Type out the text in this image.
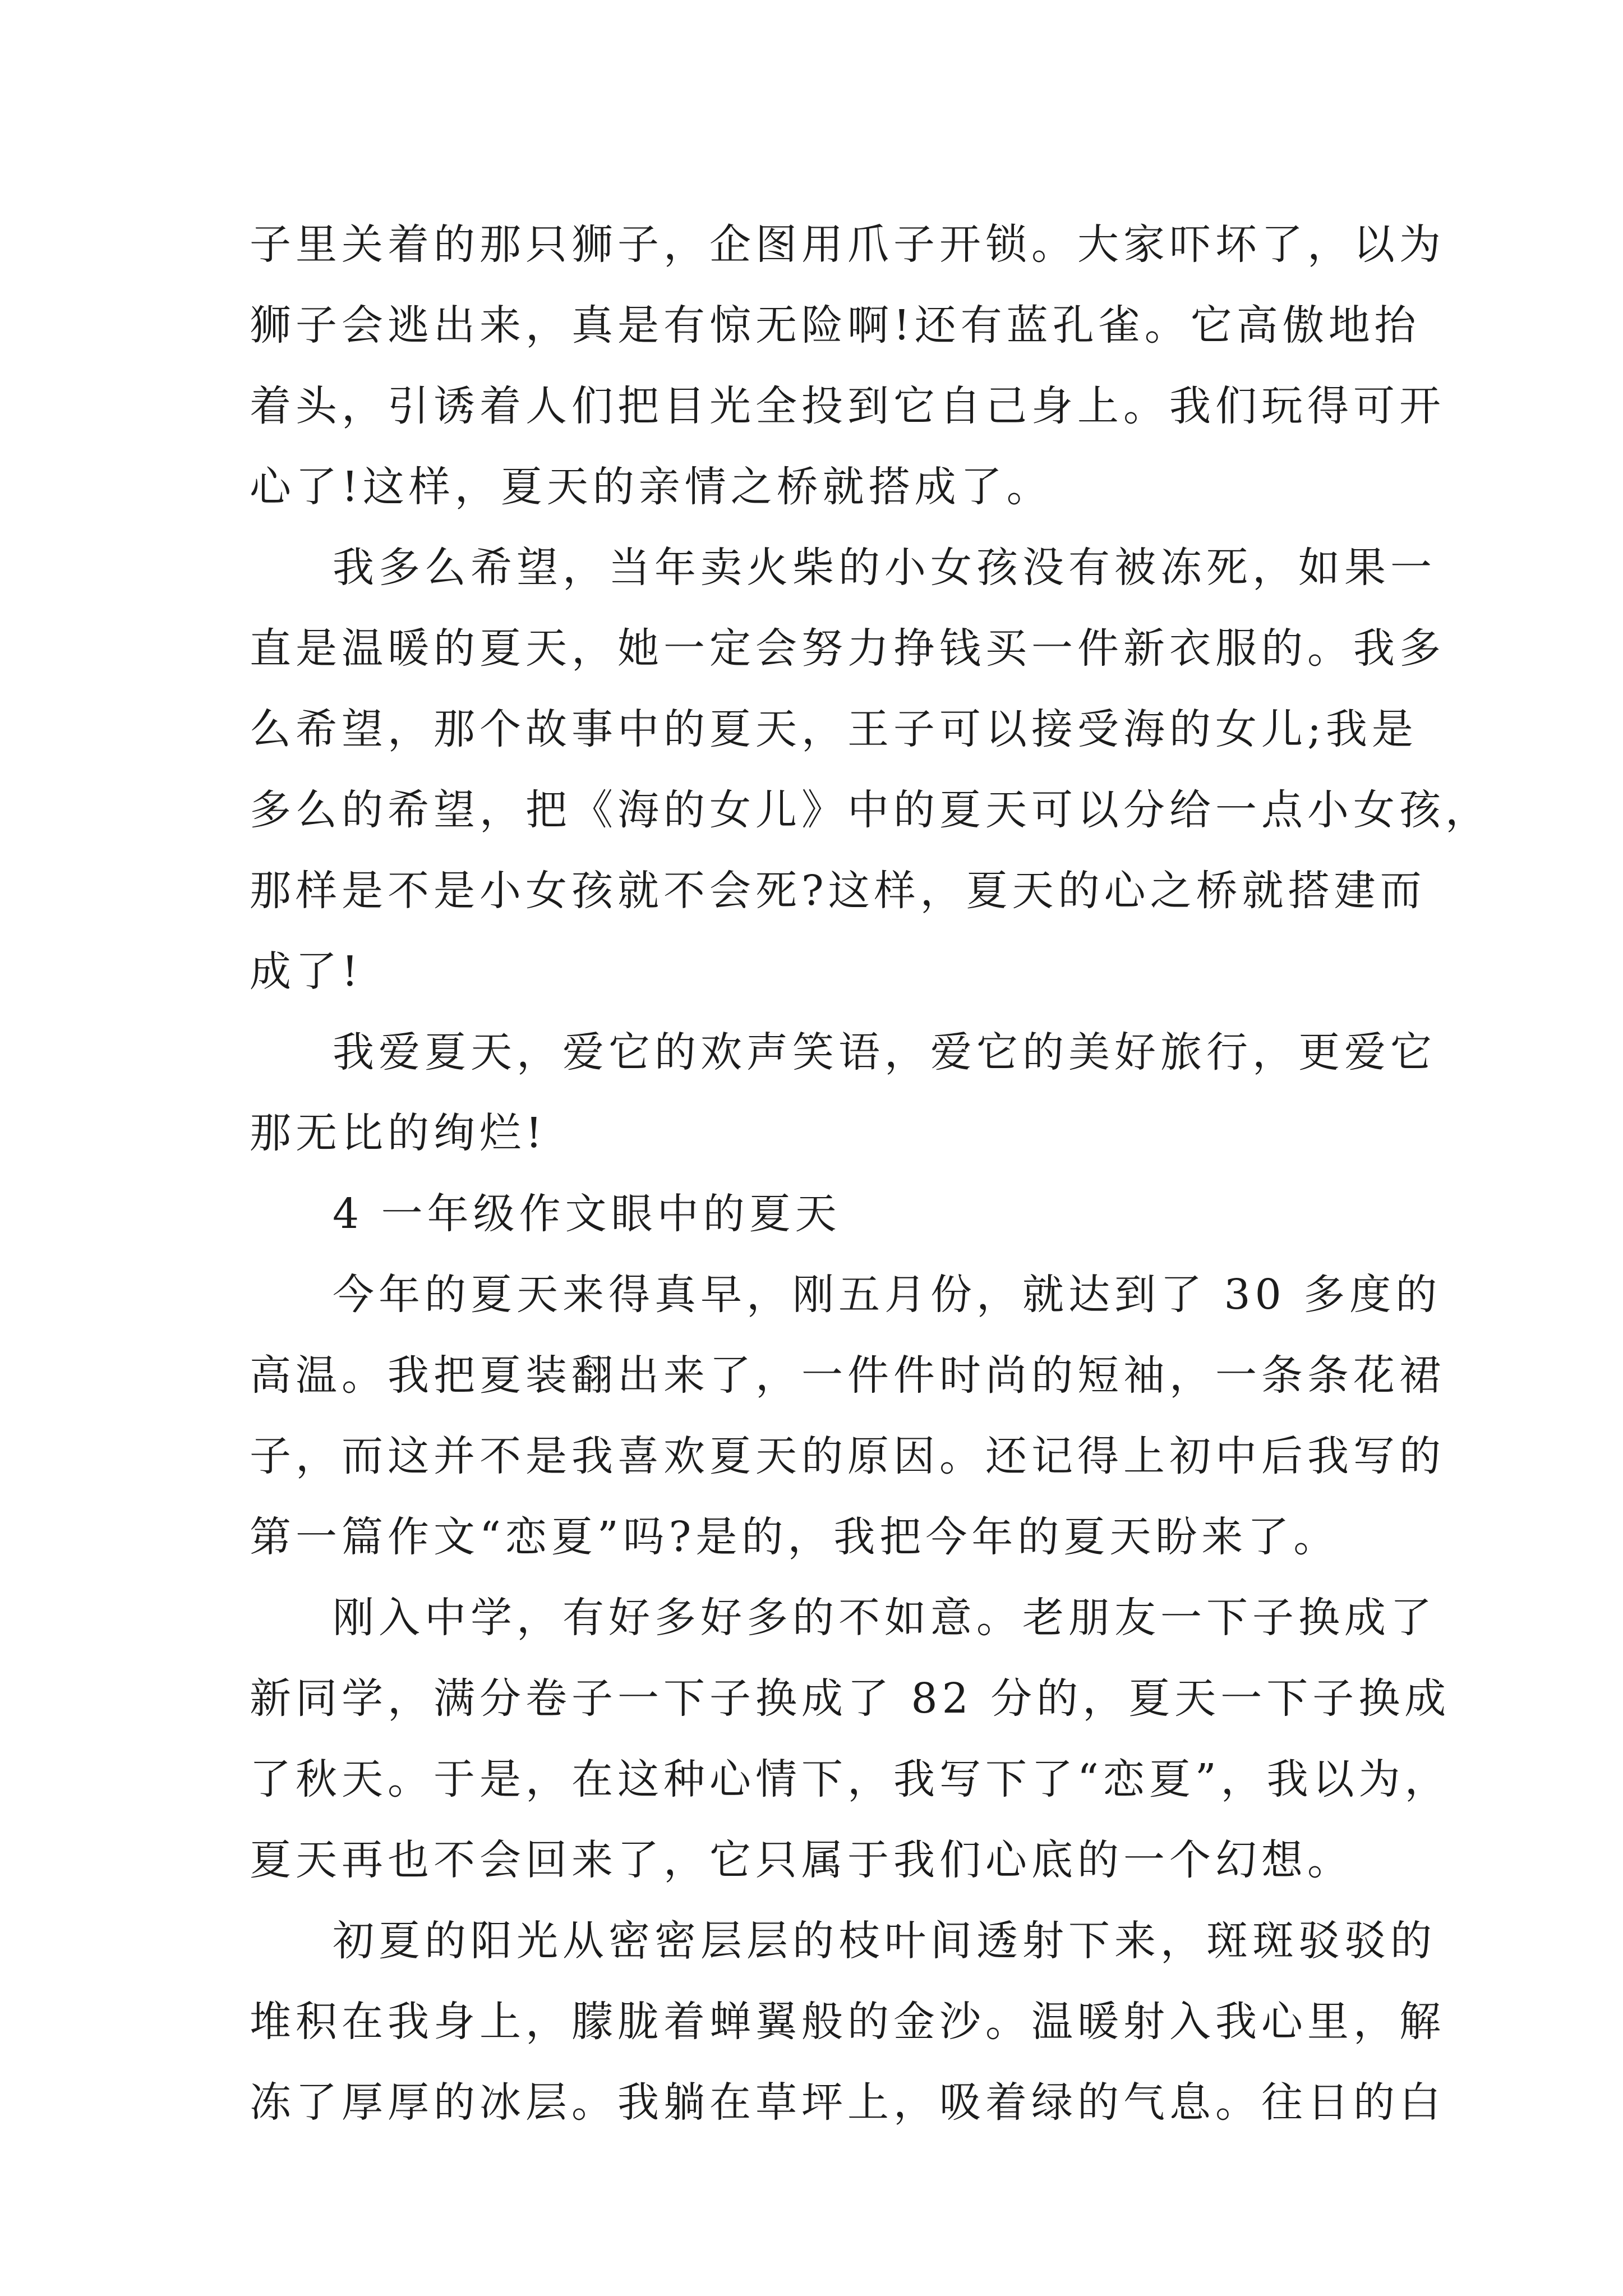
子里关着的那只狮子，企图用爪子开锁。大家吓坏了，以为
狮子会逃出来，真是有惊无险啊!还有蓝孔雀。它高傲地抬
着头，引诱着人们把目光全投到它自己身上。我们玩得可开
心了!这样，夏天的亲情之桥就搭成了。

我多么希望，当年卖火柴的小女孩没有被冻死，如果一
直是温暖的夏天，她一定会努力挣钱买一件新衣服的。我多
么希望，那个故事中的夏天，王子可以接受海的女儿;我是
多么的希望，把《海的女儿》中的夏天可以分给一点小女孩，
那样是不是小女孩就不会死?这样，夏天的心之桥就搭建而
成了!

我爱夏天，爱它的欢声笑语，爱它的美好旅行，更爱它
那无比的绚烂!

4 一年级作文眼中的夏天

今年的夏天来得真早，刚五月份，就达到了 30 多度的
高温。我把夏装翻出来了，一件件时尚的短袖，一条条花裙
子，而这并不是我喜欢夏天的原因。还记得上初中后我写的
第一篇作文“恋夏”吗?是的，我把今年的夏天盼来了。

刚入中学，有好多好多的不如意。老朋友一下子换成了
新同学，满分卷子一下子换成了 82 分的，夏天一下子换成
了秋天。于是，在这种心情下，我写下了“恋夏”，我以为，
夏天再也不会回来了，它只属于我们心底的一个幻想。

初夏的阳光从密密层层的枝叶间透射下来，斑斑驳驳的
堆积在我身上，朦胧着蝉翼般的金沙。温暖射入我心里，解
冻了厚厚的冰层。我躺在草坪上，吸着绿的气息。往日的白
